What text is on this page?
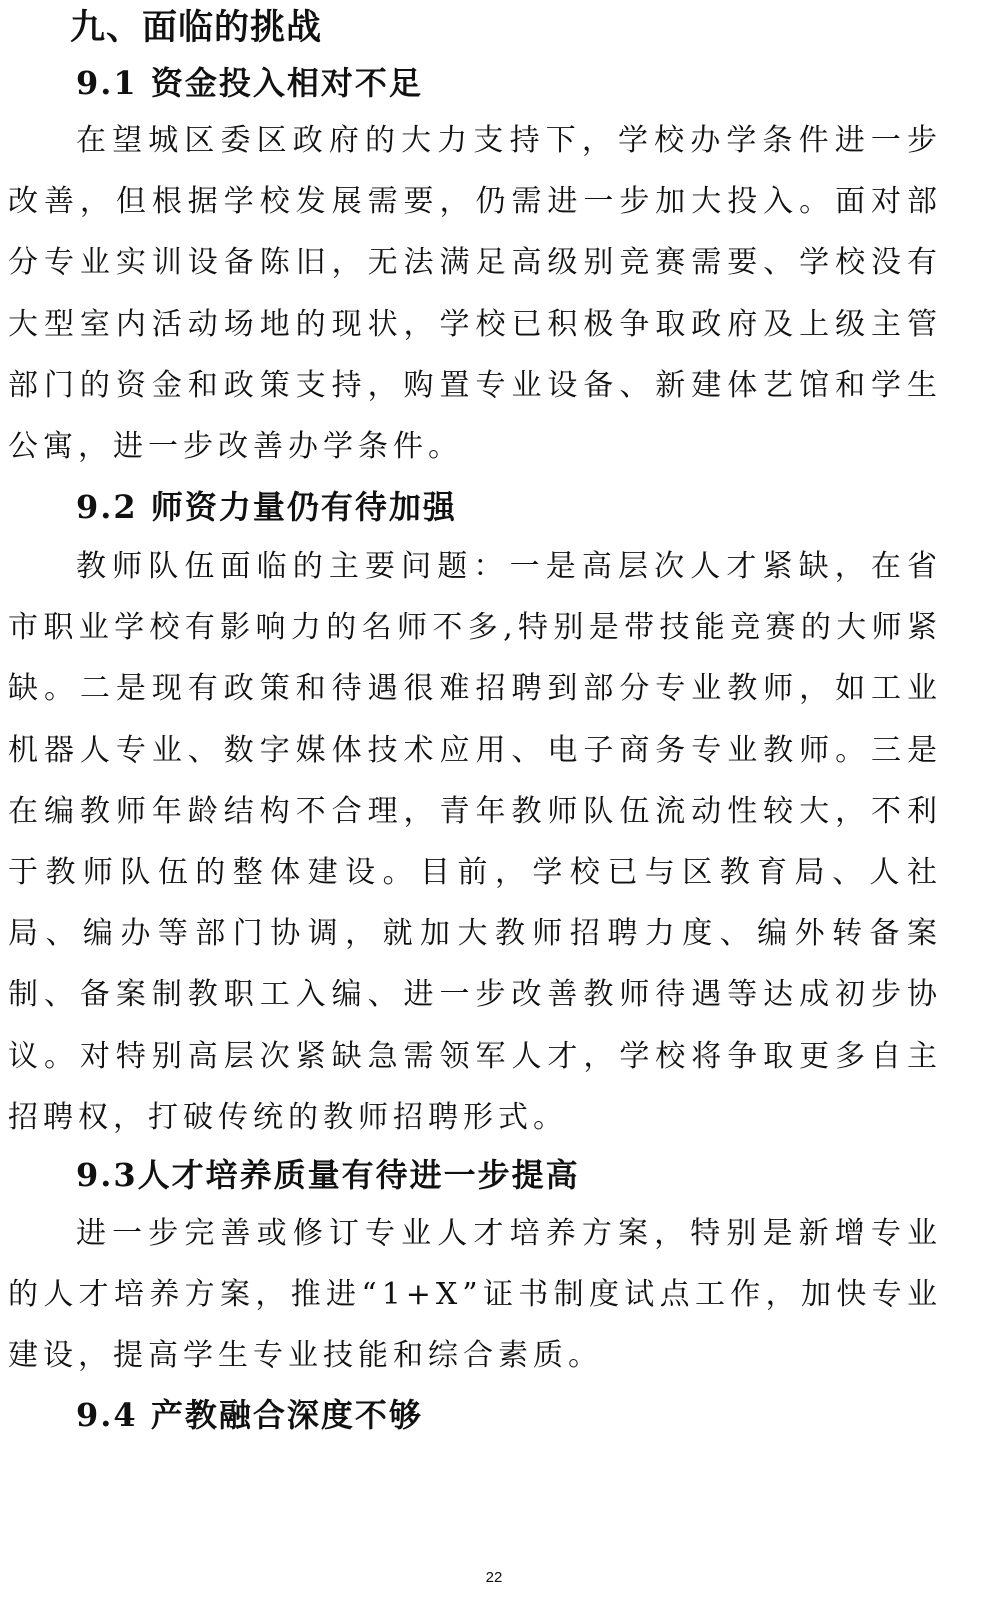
九、面临的挑战
9.1 资金投入相对不足

在望城区委区政府的大力支持下，学校办学条件进一步改善，但根据学校发展需要，仍需进一步加大投入。面对部分专业实训设备陈旧，无法满足高级别竞赛需要、学校没有大型室内活动场地的现状，学校已积极争取政府及上级主管部门的资金和政策支持，购置专业设备、新建体艺馆和学生公寓，进一步改善办学条件。

9.2 师资力量仍有待加强

教师队伍面临的主要问题：一是高层次人才紧缺，在省市职业学校有影响力的名师不多,特别是带技能竞赛的大师紧缺。二是现有政策和待遇很难招聘到部分专业教师，如工业机器人专业、数字媒体技术应用、电子商务专业教师。三是在编教师年龄结构不合理，青年教师队伍流动性较大，不利于教师队伍的整体建设。目前，学校已与区教育局、人社局、编办等部门协调，就加大教师招聘力度、编外转备案制、备案制教职工入编、进一步改善教师待遇等达成初步协议。对特别高层次紧缺急需领军人才，学校将争取更多自主招聘权，打破传统的教师招聘形式。

9.3人才培养质量有待进一步提高

进一步完善或修订专业人才培养方案，特别是新增专业的人才培养方案，推进“1+X”证书制度试点工作，加快专业建设，提高学生专业技能和综合素质。

9.4 产教融合深度不够
22
